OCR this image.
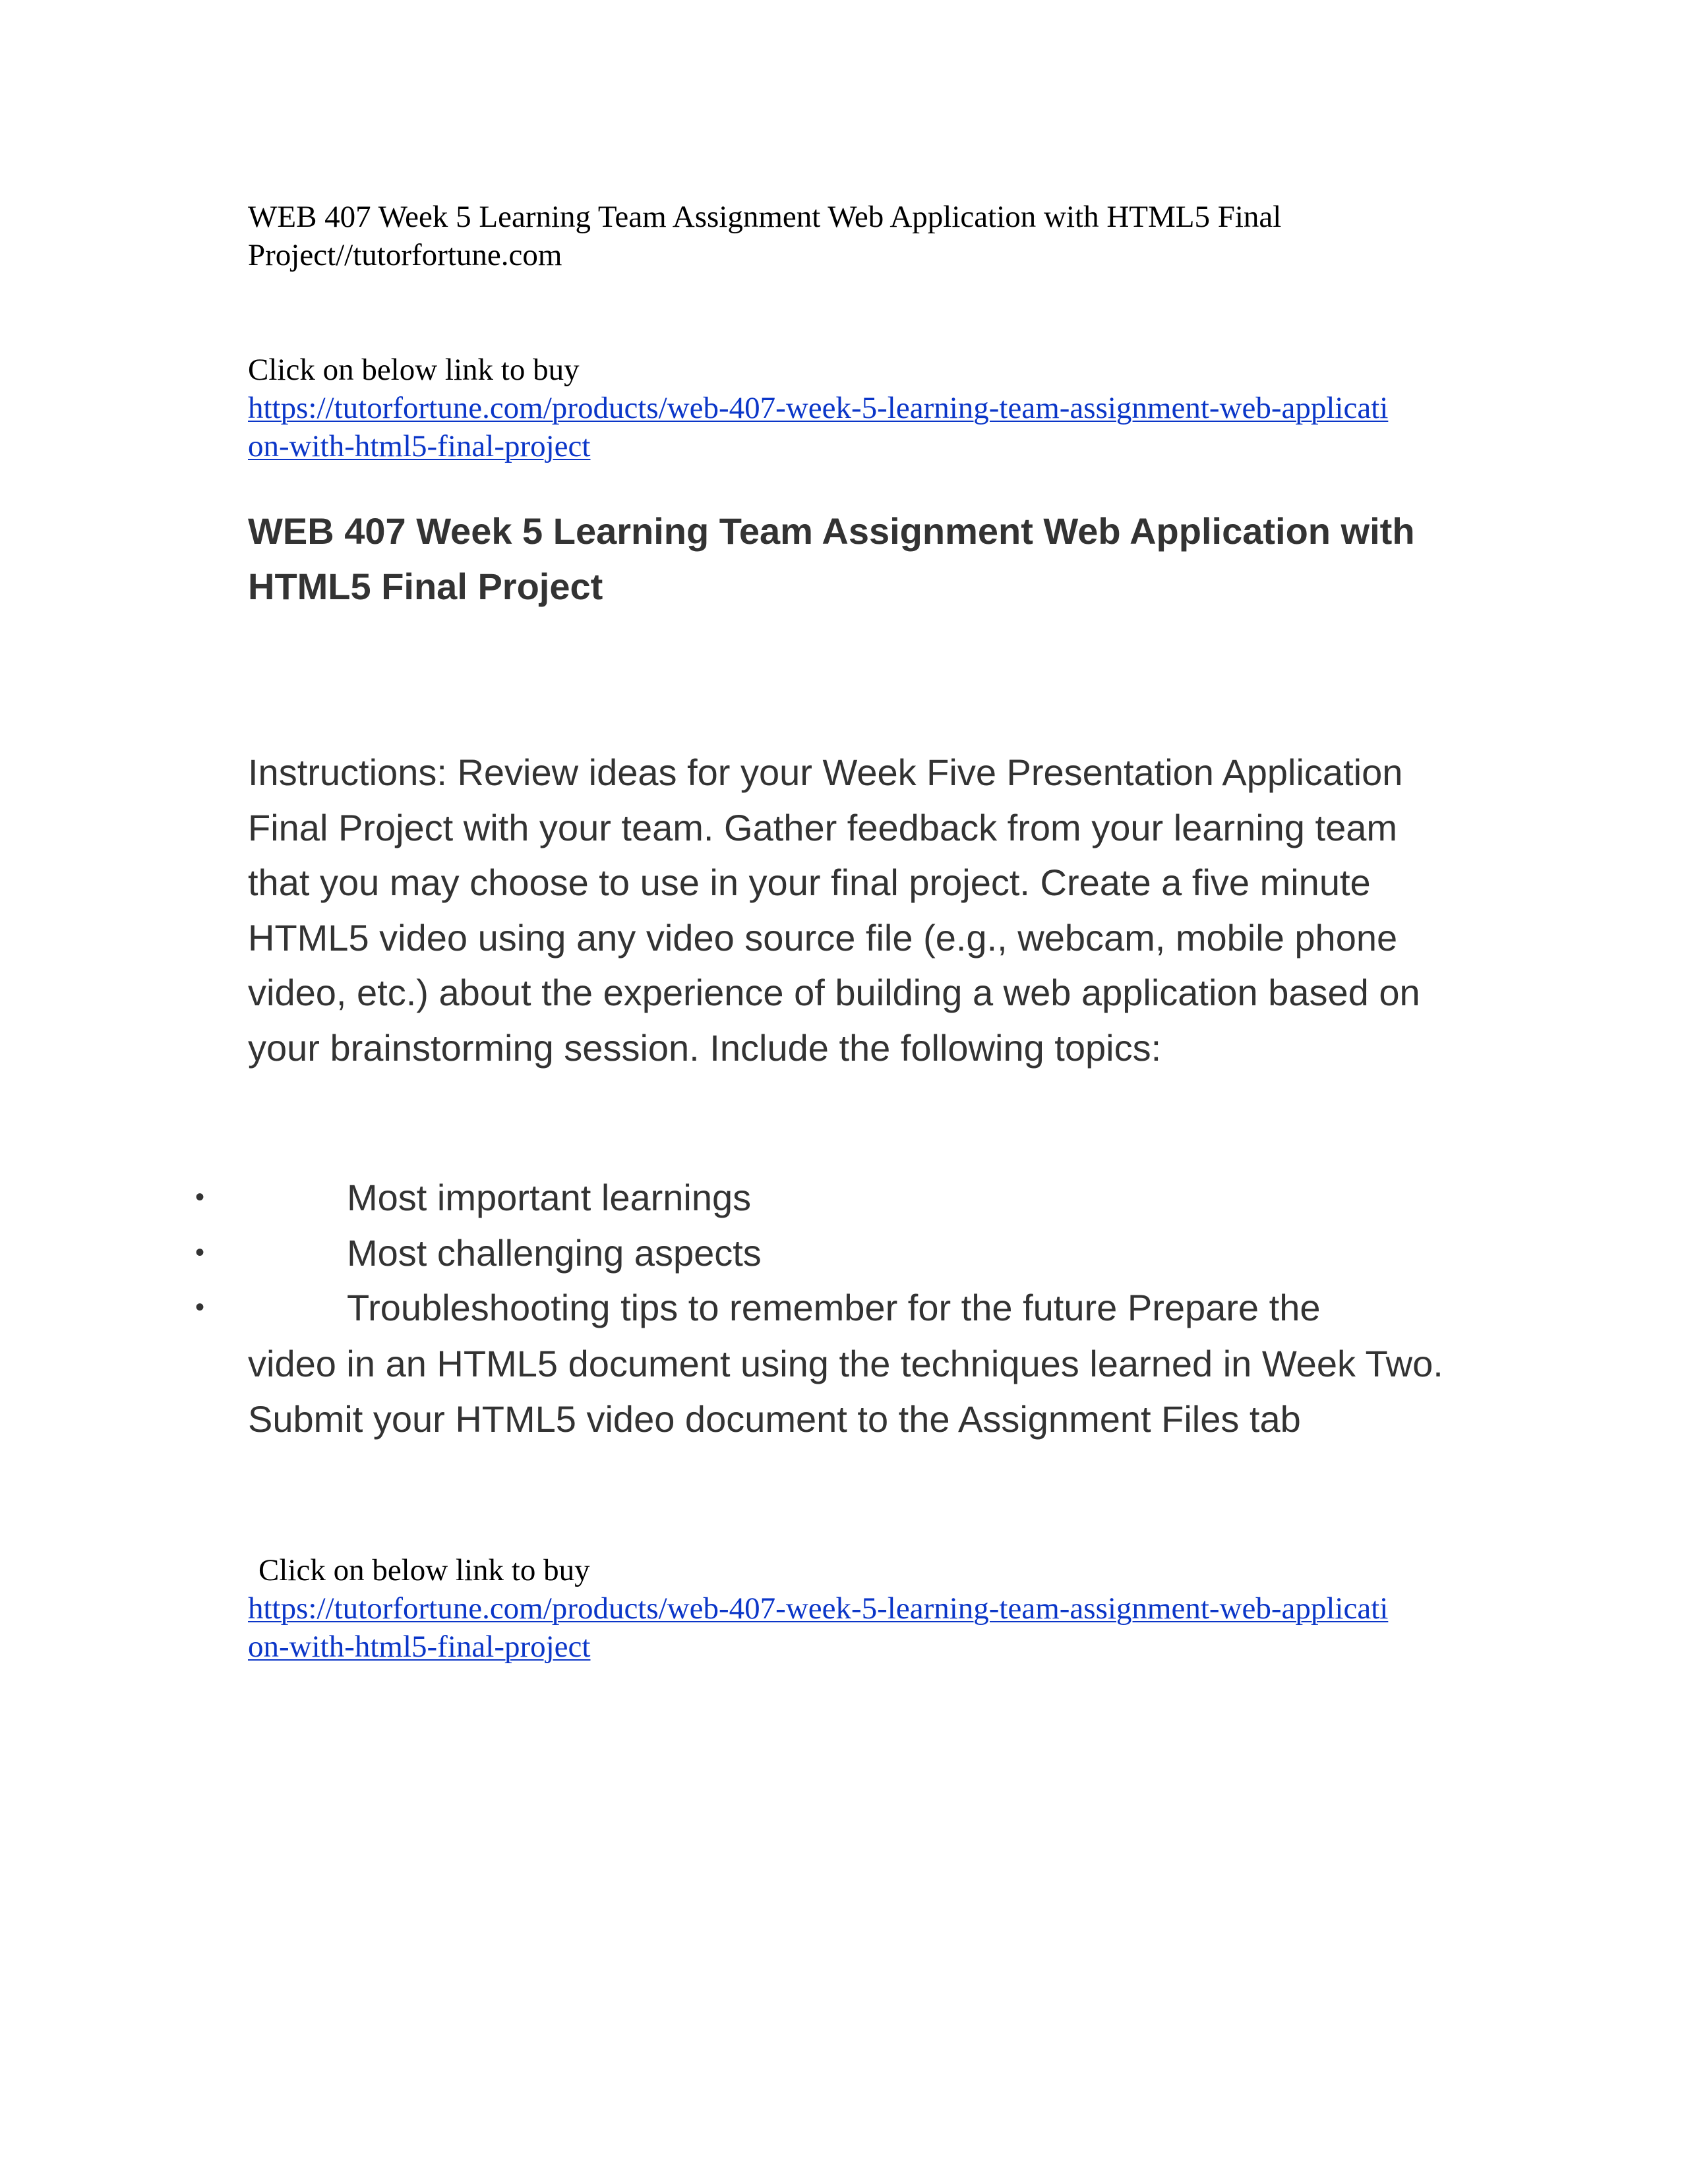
WEB 407 Week 5 Learning Team Assignment Web Application with HTML5 Final Project//tutorfortune.com
Click on below link to buy
https://tutorfortune.com/products/web-407-week-5-learning-team-assignment-web-application-with-html5-final-project
WEB 407 Week 5 Learning Team Assignment Web Application with HTML5 Final Project

Instructions: Review ideas for your Week Five Presentation Application Final Project with your team. Gather feedback from your learning team that you may choose to use in your final project. Create a five minute HTML5 video using any video source file (e.g., webcam, mobile phone video, etc.) about the experience of building a web application based on your brainstorming session. Include the following topics:

•	Most important learnings
•	Most challenging aspects
•	Troubleshooting tips to remember for the future Prepare the

video in an HTML5 document using the techniques learned in Week Two. Submit your HTML5 video document to the Assignment Files tab

Click on below link to buy
https://tutorfortune.com/products/web-407-week-5-learning-team-assignment-web-application-with-html5-final-project
